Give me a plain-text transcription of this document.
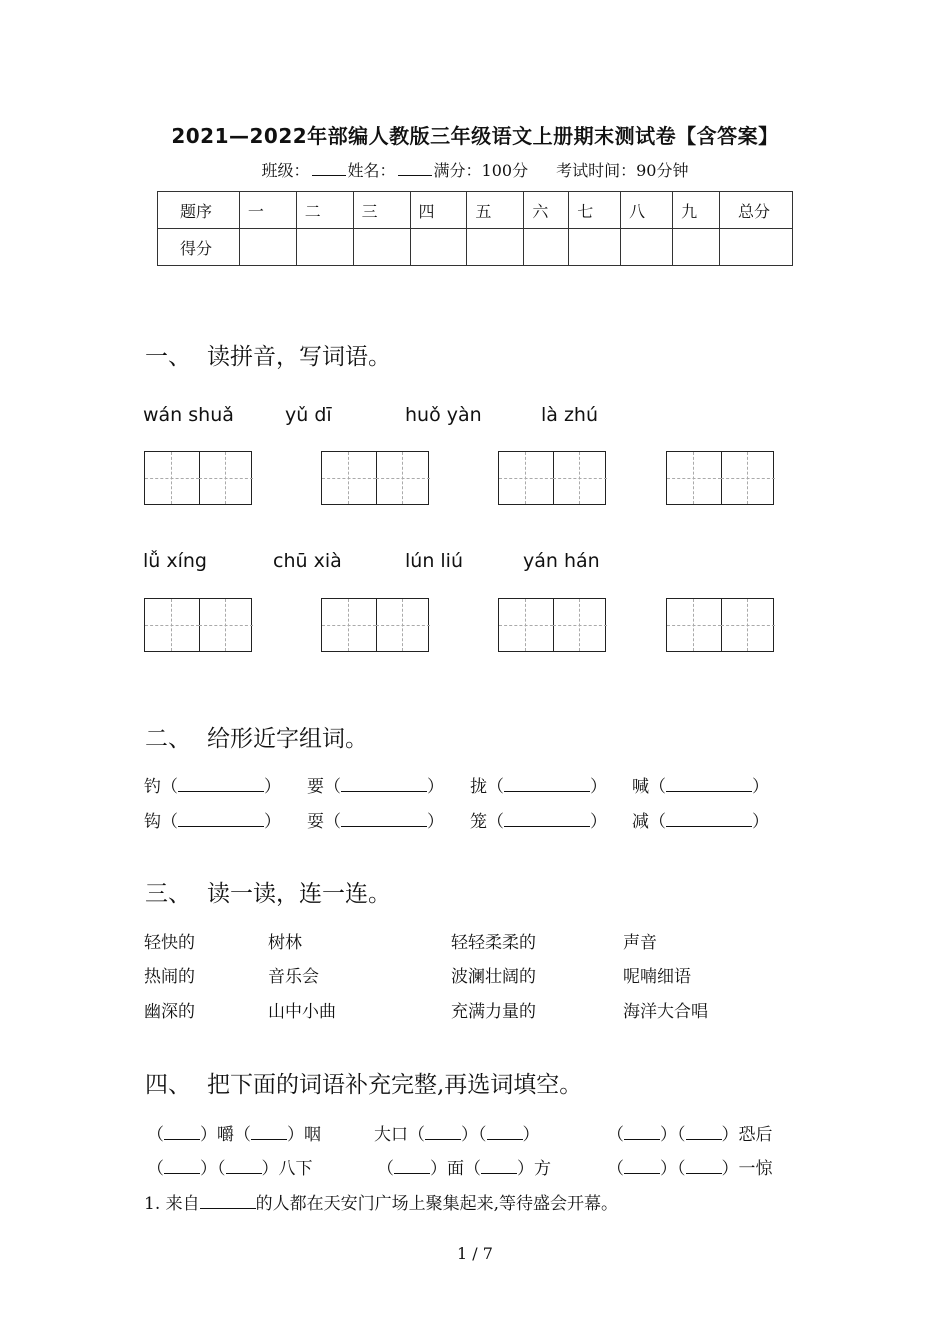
2021—2022年部编人教版三年级语文上册期末测试卷【含答案】
班级： 姓名： 满分：100分 考试时间：90分钟
题序	一	二	三	四	五	六	七	八	九	总分
得分										
一、 读拼音，写词语。
wán shuǎ	yǔ dī	huǒ yàn	là zhú
lǚ xíng	chū xià	lún liú	yán hán
二、 给形近字组词。
钓（	） 要（	） 拢（	） 喊（	）
钩（	） 耍（	） 笼（	） 减（	）
三、 读一读，连一连。
轻快的	树林	轻轻柔柔的	声音
热闹的	音乐会	波澜壮阔的	呢喃细语
幽深的	山中小曲	充满力量的	海洋大合唱
四、 把下面的词语补充完整,再选词填空。
（ ）嚼（ ）咽	大口（ ）（ ）	（ ）（ ）恐后
（ ）（ ）八下	（ ）面（ ）方	（ ）（ ）一惊
1. 来自	的人都在天安门广场上聚集起来,等待盛会开幕。
1 / 7
